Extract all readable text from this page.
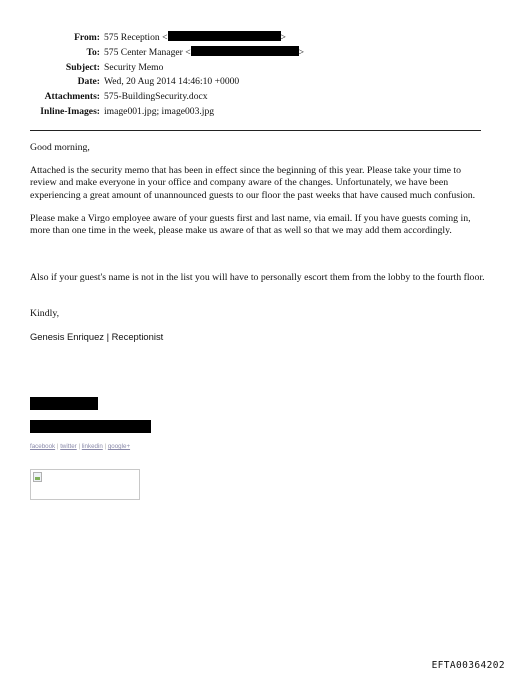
From: 575 Reception <	>
To: 575 Center Manager <	>
Subject: Security Memo
Date: Wed, 20 Aug 2014 14:46:10 +0000
Attachments: 575-BuildingSecurity.docx
Inline-Images: image001.jpg; image003.jpg

Good morning,

Attached is the security memo that has been in effect since the beginning of this year. Please take your time to review and make everyone in your office and company aware of the changes. Unfortunately, we have been experiencing a great amount of unannounced guests to our floor the past weeks that have caused much confusion.

Please make a Virgo employee aware of your guests first and last name, via email. If you have guests coming in, more than one time in the week, please make us aware of that as well so that we may add them accordingly.

Also if your guest's name is not in the list you will have to personally escort them from the lobby to the fourth floor.

Kindly,

Genesis Enriquez | Receptionist

facebook | twitter | linkedin | google+
EFTA00364202
